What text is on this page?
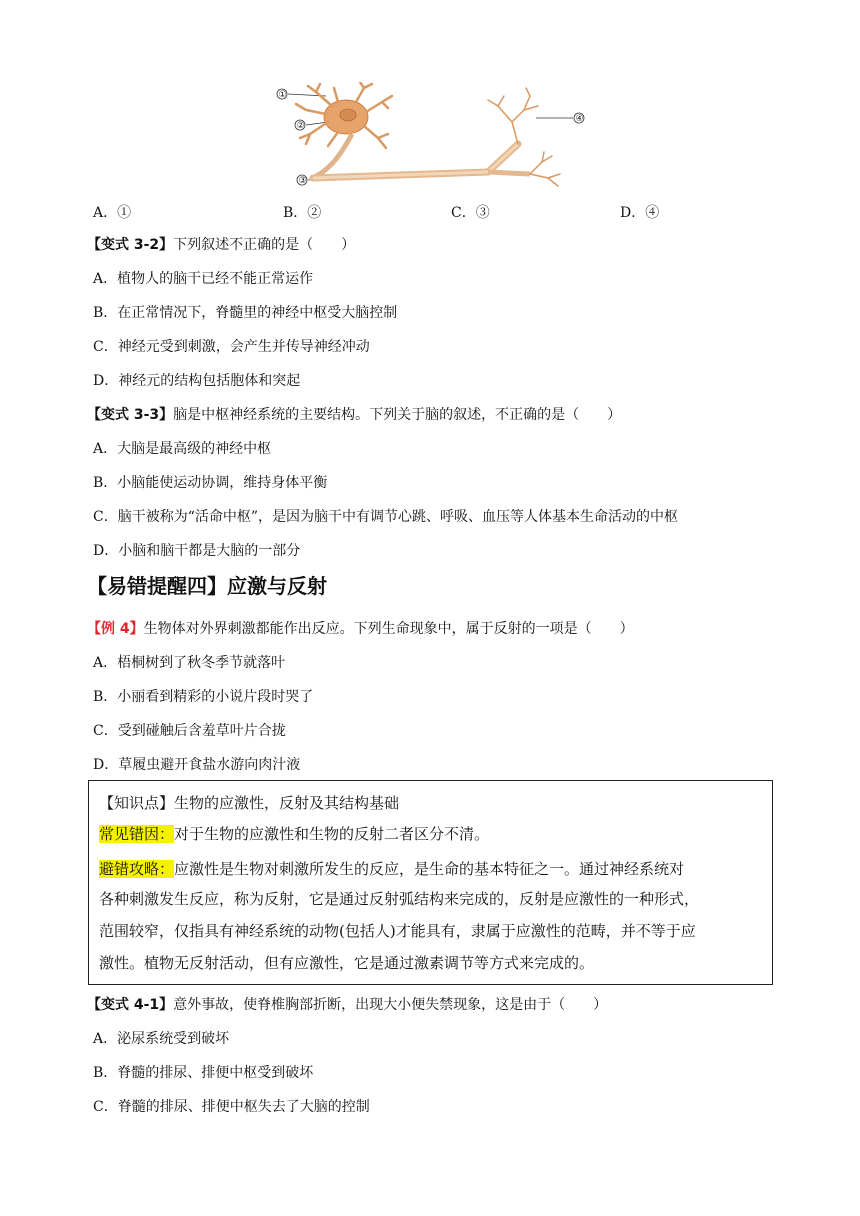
①
②
③
④
A．①	B．②	C．③	D．④
【变式 3-2】下列叙述不正确的是（　　）
A．植物人的脑干已经不能正常运作
B．在正常情况下，脊髓里的神经中枢受大脑控制
C．神经元受到刺激，会产生并传导神经冲动
D．神经元的结构包括胞体和突起
【变式 3-3】脑是中枢神经系统的主要结构。下列关于脑的叙述，不正确的是（　　）
A．大脑是最高级的神经中枢
B．小脑能使运动协调，维持身体平衡
C．脑干被称为“活命中枢”，是因为脑干中有调节心跳、呼吸、血压等人体基本生命活动的中枢
D．小脑和脑干都是大脑的一部分
【易错提醒四】应激与反射
【例 4】生物体对外界刺激都能作出反应。下列生命现象中，属于反射的一项是（　　）
A．梧桐树到了秋冬季节就落叶
B．小丽看到精彩的小说片段时哭了
C．受到碰触后含羞草叶片合拢
D．草履虫避开食盐水游向肉汁液
【知识点】生物的应激性，反射及其结构基础
常见错因：对于生物的应激性和生物的反射二者区分不清。
避错攻略：应激性是生物对刺激所发生的反应，是生命的基本特征之一。通过神经系统对
各种刺激发生反应，称为反射，它是通过反射弧结构来完成的，反射是应激性的一种形式，
范围较窄，仅指具有神经系统的动物(包括人)才能具有，隶属于应激性的范畴，并不等于应
激性。植物无反射活动，但有应激性，它是通过激素调节等方式来完成的。
【变式 4-1】意外事故，使脊椎胸部折断，出现大小便失禁现象，这是由于（　　）
A．泌尿系统受到破坏
B．脊髓的排尿、排便中枢受到破坏
C．脊髓的排尿、排便中枢失去了大脑的控制
